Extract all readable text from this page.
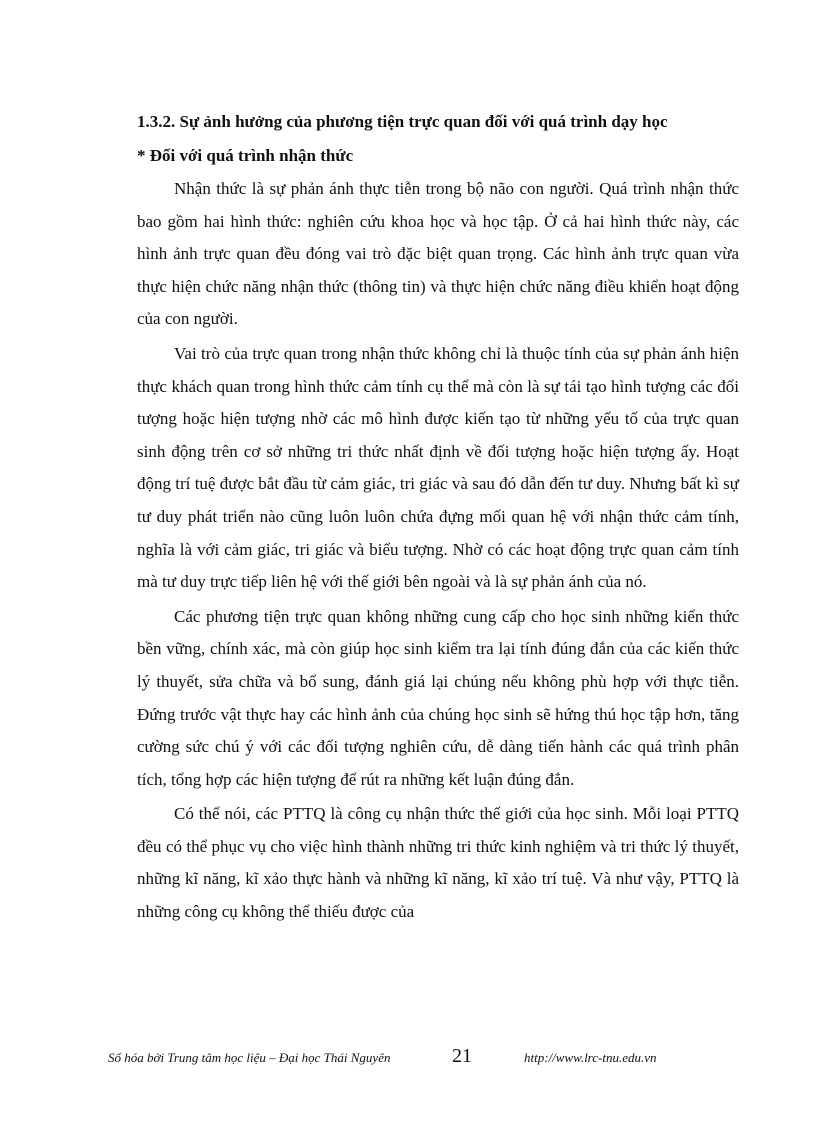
1.3.2. Sự ảnh hưởng của phương tiện trực quan đối với quá trình dạy học
* Đối với quá trình nhận thức

Nhận thức là sự phản ánh thực tiễn trong bộ não con người. Quá trình nhận thức bao gồm hai hình thức: nghiên cứu khoa học và học tập. Ở cả hai hình thức này, các hình ảnh trực quan đều đóng vai trò đặc biệt quan trọng. Các hình ảnh trực quan vừa thực hiện chức năng nhận thức (thông tin) và thực hiện chức năng điều khiển hoạt động của con người.

Vai trò của trực quan trong nhận thức không chỉ là thuộc tính của sự phản ánh hiện thực khách quan trong hình thức cảm tính cụ thể mà còn là sự tái tạo hình tượng các đối tượng hoặc hiện tượng nhờ các mô hình được kiến tạo từ những yếu tố của trực quan sinh động trên cơ sở những tri thức nhất định về đối tượng hoặc hiện tượng ấy. Hoạt động trí tuệ được bắt đầu từ cảm giác, tri giác và sau đó dẫn đến tư duy. Nhưng bất kì sự tư duy phát triển nào cũng luôn luôn chứa đựng mối quan hệ với nhận thức cảm tính, nghĩa là với cảm giác, tri giác và biểu tượng. Nhờ có các hoạt động trực quan cảm tính mà tư duy trực tiếp liên hệ với thế giới bên ngoài và là sự phản ánh của nó.

Các phương tiện trực quan không những cung cấp cho học sinh những kiến thức bền vững, chính xác, mà còn giúp học sinh kiểm tra lại tính đúng đắn của các kiến thức lý thuyết, sửa chữa và bổ sung, đánh giá lại chúng nếu không phù hợp với thực tiễn. Đứng trước vật thực hay các hình ảnh của chúng học sinh sẽ hứng thú học tập hơn, tăng cường sức chú ý với các đối tượng nghiên cứu, dễ dàng tiến hành các quá trình phân tích, tổng hợp các hiện tượng để rút ra những kết luận đúng đắn.

Có thể nói, các PTTQ là công cụ nhận thức thế giới của học sinh. Mỗi loại PTTQ đều có thể phục vụ cho việc hình thành những tri thức kinh nghiệm và tri thức lý thuyết, những kĩ năng, kĩ xảo thực hành và những kĩ năng, kĩ xảo trí tuệ. Và như vậy, PTTQ là những công cụ không thể thiếu được của

Số hóa bởi Trung tâm học liệu – Đại học Thái Nguyên	21	http://www.lrc-tnu.edu.vn
